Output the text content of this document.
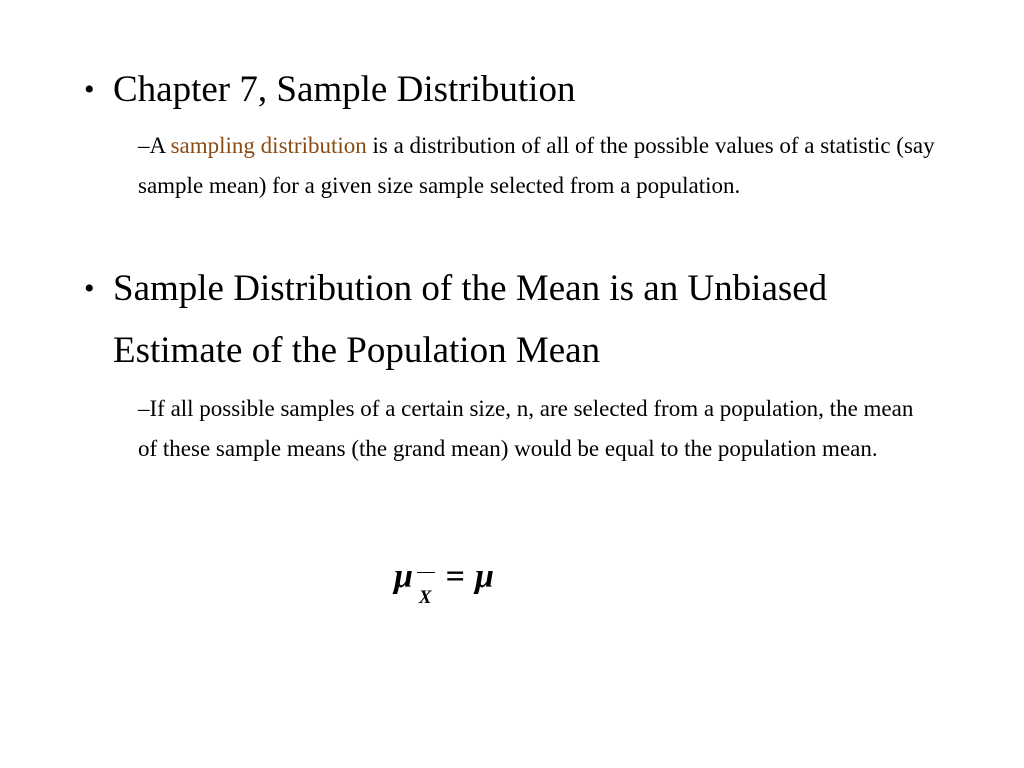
• Chapter 7, Sample Distribution
–A sampling distribution is a distribution of all of the possible values of a statistic (say sample mean) for a given size sample selected from a population.
• Sample Distribution of the Mean is an Unbiased Estimate of the Population Mean
–If all possible samples of a certain size, n, are selected from a population, the mean of these sample means (the grand mean) would be equal to the population mean.
μ
X= μ
